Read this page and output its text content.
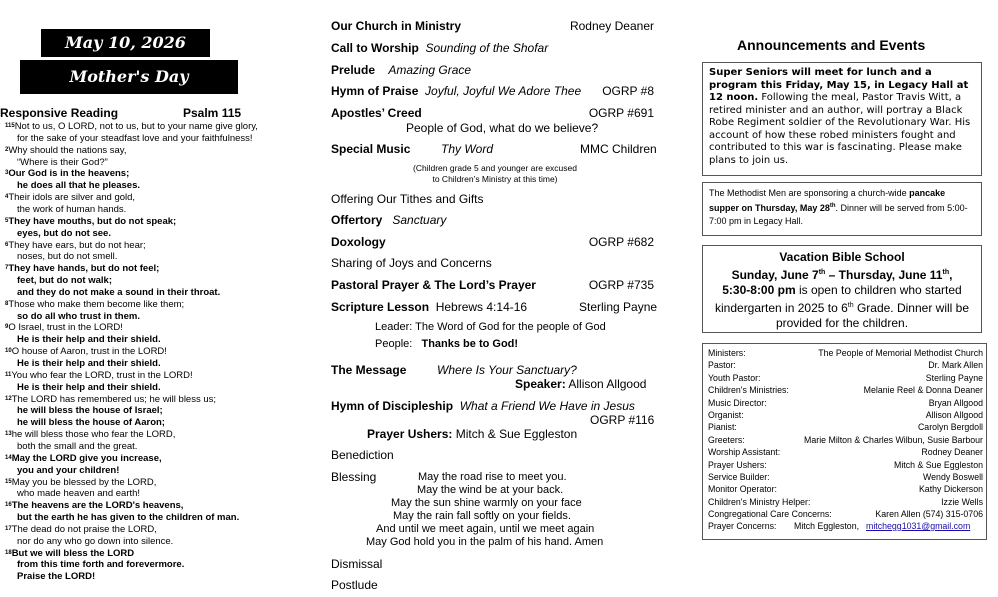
May 10, 2026
Mother's Day
Responsive Reading	Psalm 115
$^{115}$Not to us, O LORD, not to us, but to your name give glory,
for the sake of your steadfast love and your faithfulness!
$^2$Why should the nations say,
“Where is their God?”
$^3$Our God is in the heavens;
he does all that he pleases.
$^4$Their idols are silver and gold,
the work of human hands.
$^5$They have mouths, but do not speak;
eyes, but do not see.
$^6$They have ears, but do not hear;
noses, but do not smell.
$^7$They have hands, but do not feel;
feet, but do not walk;
and they do not make a sound in their throat.
$^8$Those who make them become like them;
so do all who trust in them.
$^9$O Israel, trust in the LORD!
He is their help and their shield.
$^{10}$O house of Aaron, trust in the LORD!
He is their help and their shield.
$^{11}$You who fear the LORD, trust in the LORD!
He is their help and their shield.
$^{12}$The LORD has remembered us; he will bless us;
he will bless the house of Israel;
he will bless the house of Aaron;
$^{13}$he will bless those who fear the LORD,
both the small and the great.
$^{14}$May the LORD give you increase,
you and your children!
$^{15}$May you be blessed by the LORD,
who made heaven and earth!
$^{16}$The heavens are the LORD's heavens,
but the earth he has given to the children of man.
$^{17}$The dead do not praise the LORD,
nor do any who go down into silence.
$^{18}$But we will bless the LORD
from this time forth and forevermore.
Praise the LORD!
Our Church in Ministry	Rodney Deaner
Call to Worship Sounding of the Shofar
Prelude Amazing Grace
Hymn of Praise Joyful, Joyful We Adore Thee OGRP #8
Apostles’ Creed	OGRP #691
People of God, what do we believe?
Special Music	Thy Word	MMC Children
(Children grade 5 and younger are excused
to Children’s Ministry at this time)
Offering Our Tithes and Gifts
Offertory Sanctuary
Doxology	OGRP #682
Sharing of Joys and Concerns
Pastoral Prayer & The Lord’s Prayer	OGRP #735
Scripture Lesson Hebrews 4:14-16	Sterling Payne
Leader: The Word of God for the people of God
People: Thanks be to God!
The Message	Where Is Your Sanctuary?
Speaker: Allison Allgood
Hymn of Discipleship What a Friend We Have in Jesus
OGRP #116
Prayer Ushers: Mitch & Sue Eggleston
Benediction
Blessing	May the road rise to meet you.
May the wind be at your back.
May the sun shine warmly on your face
May the rain fall softly on your fields.
And until we meet again, until we meet again
May God hold you in the palm of his hand. Amen
Dismissal
Postlude
Announcements and Events
Super Seniors will meet for lunch and a program this Friday, May 15, in Legacy Hall at 12 noon. Following the meal, Pastor Travis Witt, a retired minister and an author, will portray a Black Robe Regiment soldier of the Revolutionary War. His account of how these robed ministers fought and contributed to this war is fascinating. Please make plans to join us.
The Methodist Men are sponsoring a church-wide pancake supper on Thursday, May 28th. Dinner will be served from 5:00-7:00 pm in Legacy Hall.
Vacation Bible School
Sunday, June 7th – Thursday, June 11th,
5:30-8:00 pm is open to children who started
kindergarten in 2025 to 6th Grade. Dinner will be
provided for the children.
Ministers:	The People of Memorial Methodist Church
Pastor:	Dr. Mark Allen
Youth Pastor:	Sterling Payne
Children's Ministries:	Melanie Reel & Donna Deaner
Music Director:	Bryan Allgood
Organist:	Allison Allgood
Pianist:	Carolyn Bergdoll
Greeters:	Marie Milton & Charles Wilbun, Susie Barbour
Worship Assistant:	Rodney Deaner
Prayer Ushers:	Mitch & Sue Eggleston
Service Builder:	Wendy Boswell
Monitor Operator:	Kathy Dickerson
Children's Ministry Helper:	Izzie Wells
Congregational Care Concerns:	Karen Allen (574) 315-0706
Prayer Concerns: Mitch Eggleston, mitchegg1031@gmail.com
